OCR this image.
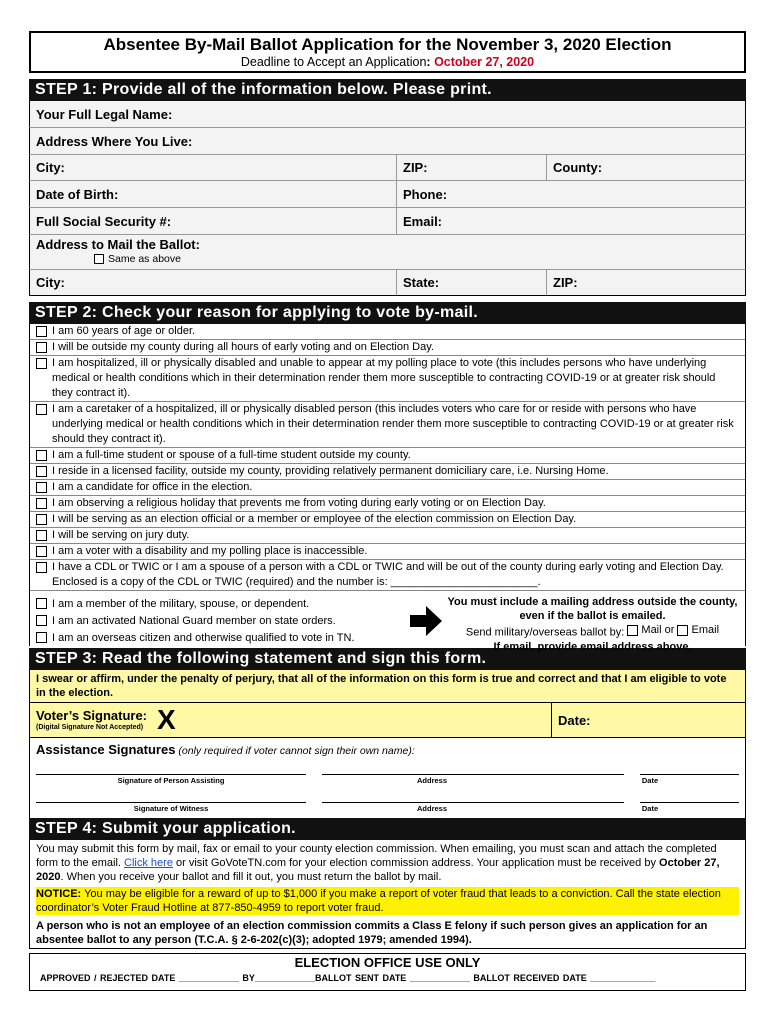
Absentee By-Mail Ballot Application for the November 3, 2020 Election
Deadline to Accept an Application: October 27, 2020
STEP 1: Provide all of the information below. Please print.
Your Full Legal Name:
Address Where You Live:
City:	ZIP:	County:
Date of Birth:	Phone:
Full Social Security #:	Email:
Address to Mail the Ballot:
Same as above
City:	State:	ZIP:
STEP 2: Check your reason for applying to vote by-mail.
I am 60 years of age or older.
I will be outside my county during all hours of early voting and on Election Day.
I am hospitalized, ill or physically disabled and unable to appear at my polling place to vote (this includes persons who have underlying medical or health conditions which in their determination render them more susceptible to contracting COVID-19 or at greater risk should they contract it).
I am a caretaker of a hospitalized, ill or physically disabled person (this includes voters who care for or reside with persons who have underlying medical or health conditions which in their determination render them more susceptible to contracting COVID-19 or at greater risk should they contract it).
I am a full-time student or spouse of a full-time student outside my county.
I reside in a licensed facility, outside my county, providing relatively permanent domiciliary care, i.e. Nursing Home.
I am a candidate for office in the election.
I am observing a religious holiday that prevents me from voting during early voting or on Election Day.
I will be serving as an election official or a member or employee of the election commission on Election Day.
I will be serving on jury duty.
I am a voter with a disability and my polling place is inaccessible.
I have a CDL or TWIC or I am a spouse of a person with a CDL or TWIC and will be out of the county during early voting and Election Day. Enclosed is a copy of the CDL or TWIC (required) and the number is: ________________________.
I am a member of the military, spouse, or dependent.
I am an activated National Guard member on state orders.
I am an overseas citizen and otherwise qualified to vote in TN.
You must include a mailing address outside the county, even if the ballot is emailed.
Send military/overseas ballot by:
Mail or

Email
If email, provide email address above.
STEP 3: Read the following statement and sign this form.
I swear or affirm, under the penalty of perjury, that all of the information on this form is true and correct and that I am eligible to vote in the election.
Voter’s Signature:
(Digital Signature Not Accepted) X	Date:
Assistance Signatures (only required if voter cannot sign their own name):
Signature of Person Assisting	Address	Date
Signature of Witness	Address	Date
STEP 4: Submit your application.
You may submit this form by mail, fax or email to your county election commission. When emailing, you must scan and attach the completed form to the email. Click here or visit GoVoteTN.com for your election commission address. Your application must be received by October 27, 2020. When you receive your ballot and fill it out, you must return the ballot by mail.
NOTICE: You may be eligible for a reward of up to $1,000 if you make a report of voter fraud that leads to a conviction. Call the state election coordinator’s Voter Fraud Hotline at 877-850-4959 to report voter fraud.
A person who is not an employee of an election commission commits a Class E felony if such person gives an application for an absentee ballot to any person (T.C.A. § 2-6-202(c)(3); adopted 1979; amended 1994).
ELECTION OFFICE USE ONLY
APPROVED / REJECTED DATE ____________ BY____________BALLOT SENT DATE ____________ BALLOT RECEIVED DATE _____________
